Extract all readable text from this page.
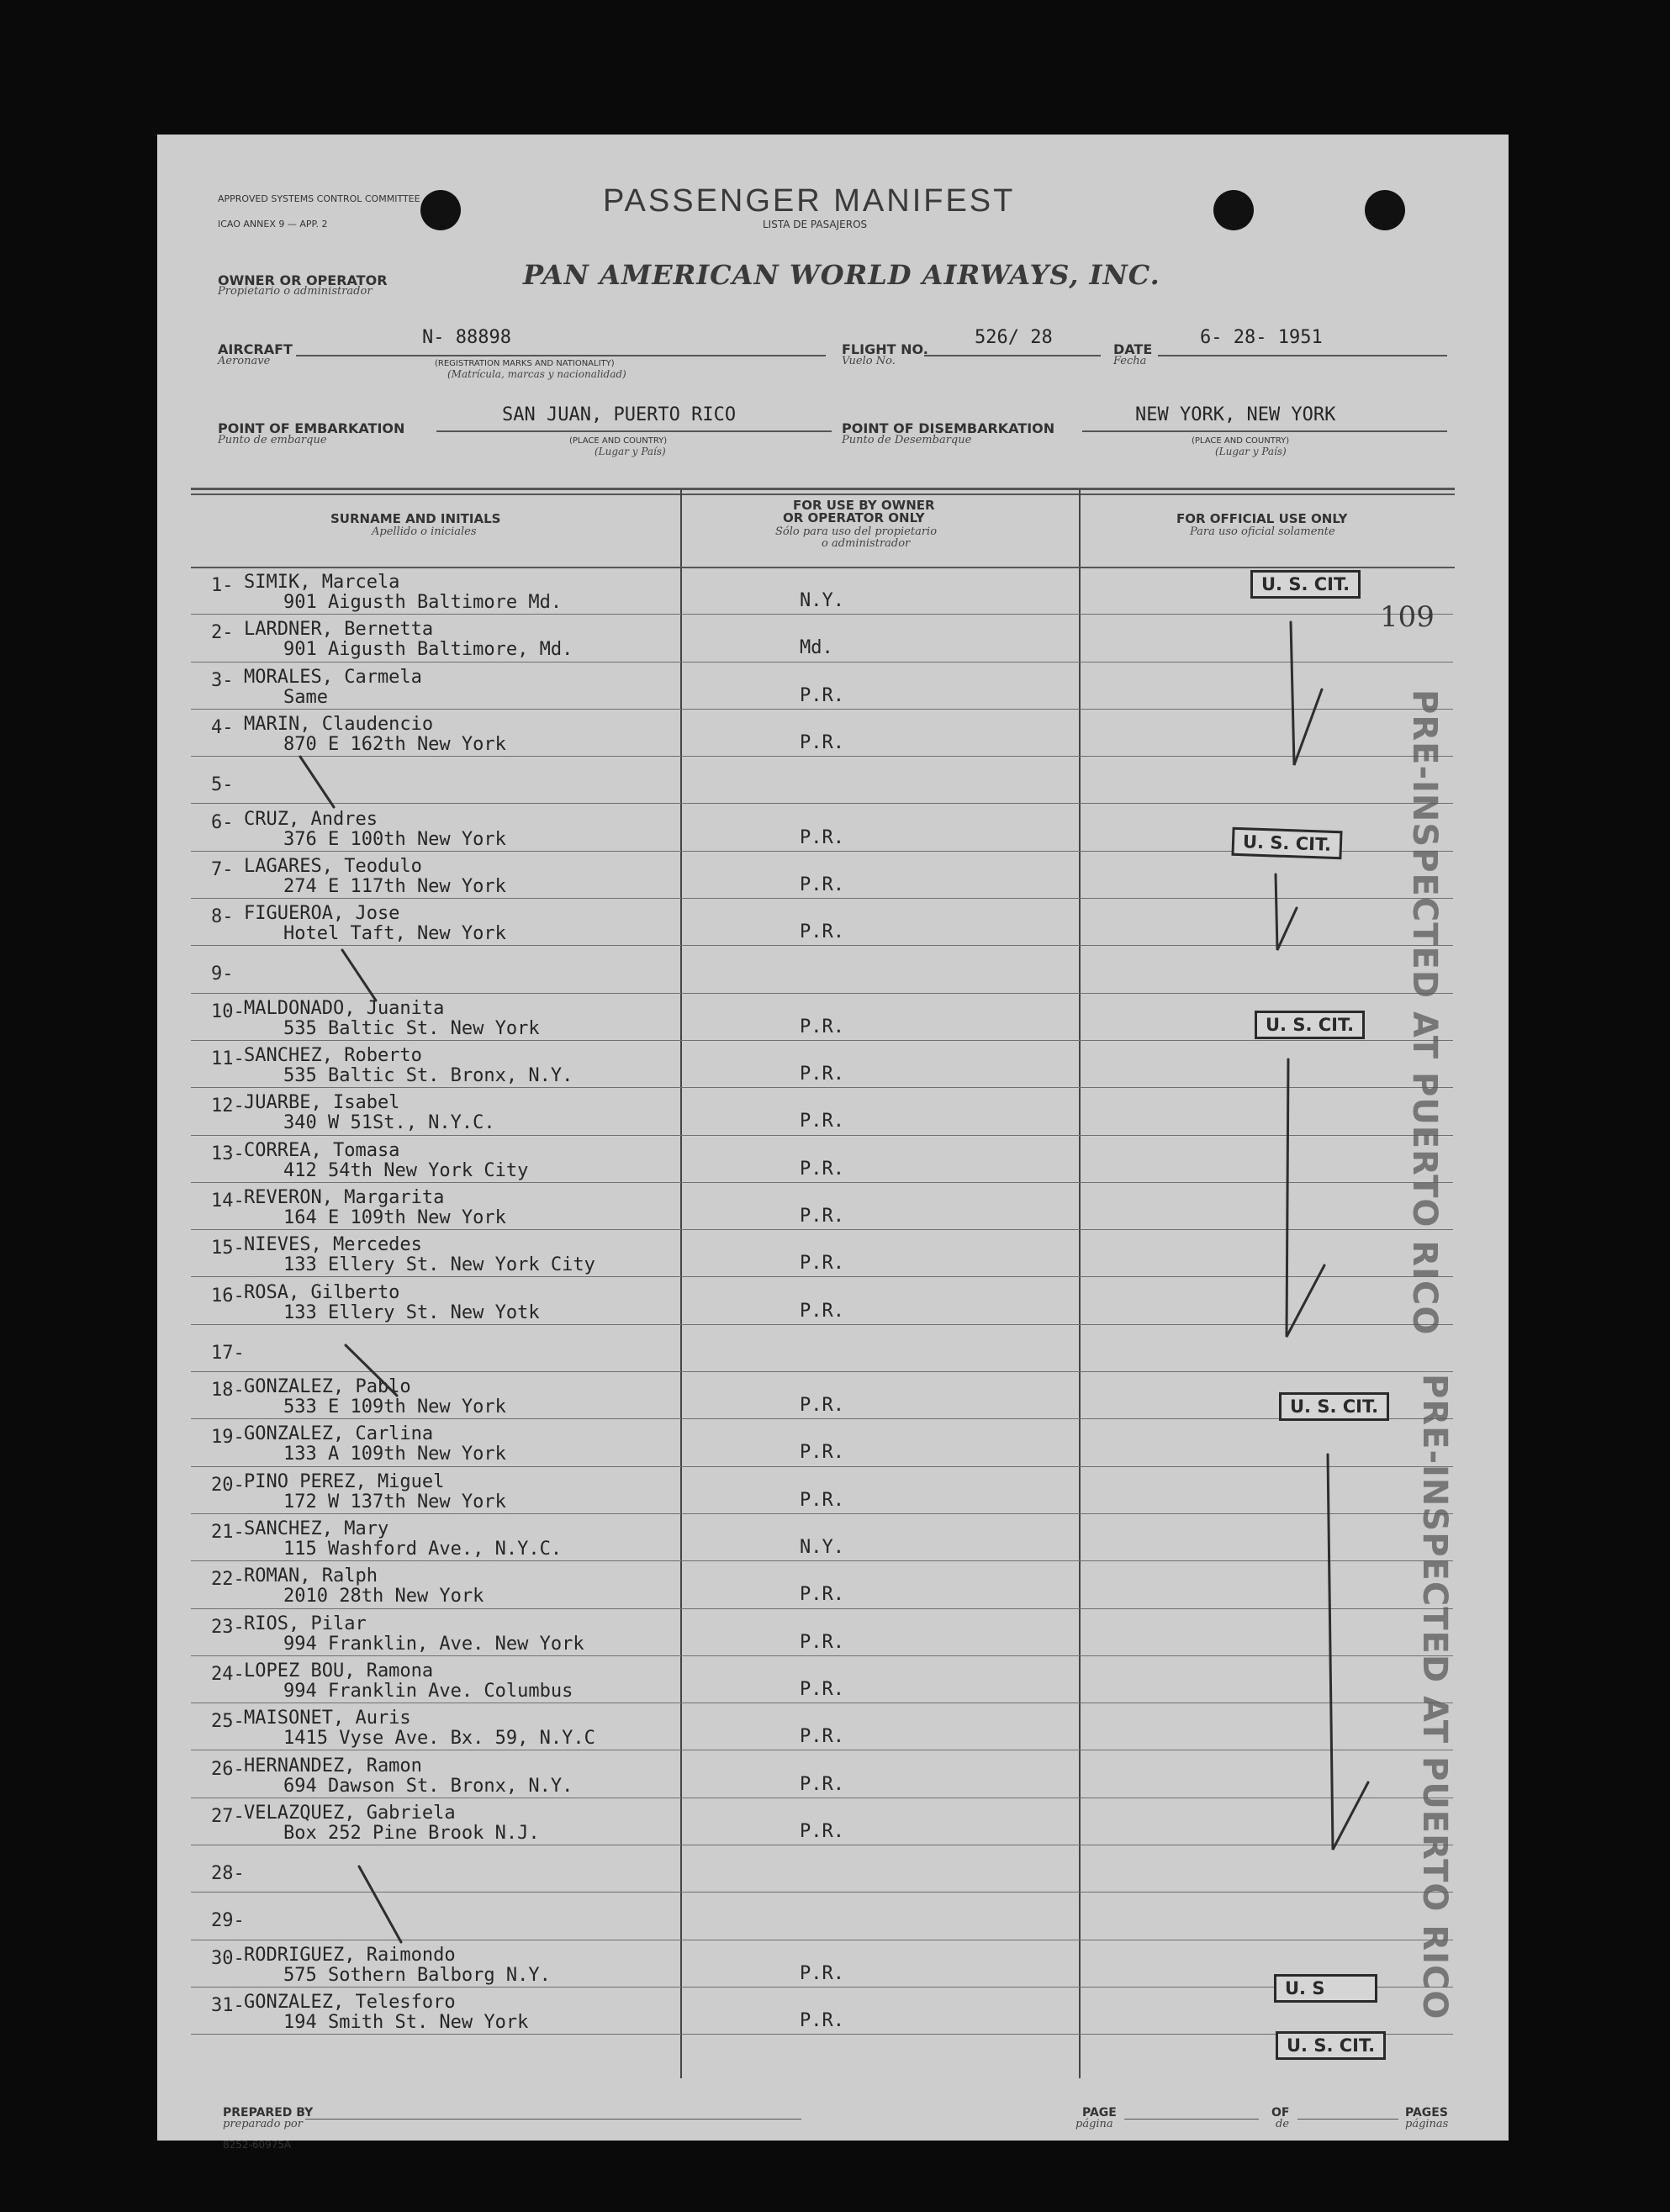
APPROVED SYSTEMS CONTROL COMMITTEE
ICAO ANNEX 9 — APP. 2
PASSENGER MANIFEST
LISTA DE PASAJEROS
OWNER OR OPERATOR
Propietario o administrador
PAN AMERICAN WORLD AIRWAYS, INC.
AIRCRAFT
Aeronave
N- 88898
(REGISTRATION MARKS AND NATIONALITY)
(Matrícula, marcas y nacionalidad)
FLIGHT NO.
Vuelo No.
526/ 28
DATE
Fecha
6- 28- 1951
POINT OF EMBARKATION
Punto de embarque
SAN JUAN, PUERTO RICO
(PLACE AND COUNTRY)
(Lugar y País)
POINT OF DISEMBARKATION
Punto de Desembarque
NEW YORK, NEW YORK
(PLACE AND COUNTRY)
(Lugar y País)
SURNAME AND INITIALS
Apellido o iniciales
FOR USE BY OWNER
OR OPERATOR ONLY
Sólo para uso del propietario
o administrador
FOR OFFICIAL USE ONLY
Para uso oficial solamente
1- SIMIK, Marcela
901 Aigusth Baltimore Md.	N.Y.
2- LARDNER, Bernetta
901 Aigusth Baltimore, Md.	Md.
3- MORALES, Carmela
Same	P.R.
4- MARIN, Claudencio
870 E 162th New York	P.R.
5-
6- CRUZ, Andres
376 E 100th New York	P.R.
7- LAGARES, Teodulo
274 E 117th New York	P.R.
8- FIGUEROA, Jose
Hotel Taft, New York	P.R.
9-
10- MALDONADO, Juanita
535 Baltic St. New York	P.R.
11- SANCHEZ, Roberto
535 Baltic St. Bronx, N.Y.	P.R.
12- JUARBE, Isabel
340 W 51St., N.Y.C.	P.R.
13- CORREA, Tomasa
412 54th New York City	P.R.
14- REVERON, Margarita
164 E 109th New York	P.R.
15- NIEVES, Mercedes
133 Ellery St. New York City	P.R.
16- ROSA, Gilberto
133 Ellery St. New Yotk	P.R.
17-
18- GONZALEZ, Pablo
533 E 109th New York	P.R.
19- GONZALEZ, Carlina
133 A 109th New York	P.R.
20- PINO PEREZ, Miguel
172 W 137th New York	P.R.
21- SANCHEZ, Mary
115 Washford Ave., N.Y.C.	N.Y.
22- ROMAN, Ralph
2010 28th New York	P.R.
23- RIOS, Pilar
994 Franklin, Ave. New York	P.R.
24- LOPEZ BOU, Ramona
994 Franklin Ave. Columbus	P.R.
25- MAISONET, Auris
1415 Vyse Ave. Bx. 59, N.Y.C	P.R.
26- HERNANDEZ, Ramon
694 Dawson St. Bronx, N.Y.	P.R.
27- VELAZQUEZ, Gabriela
Box 252 Pine Brook N.J.	P.R.
28-
29-
30- RODRIGUEZ, Raimondo
575 Sothern Balborg N.Y.	P.R.
31- GONZALEZ, Telesforo
194 Smith St. New York	P.R.
U. S. CIT.
109
U. S. CIT.
U. S. CIT.
U. S. CIT.
U. S
U. S. CIT.
PRE-INSPECTED AT PUERTO RICO
PRE-INSPECTED AT PUERTO RICO
PREPARED BY
preparado por
PAGE
página
OF
de
PAGES
páginas
8252-60975A
